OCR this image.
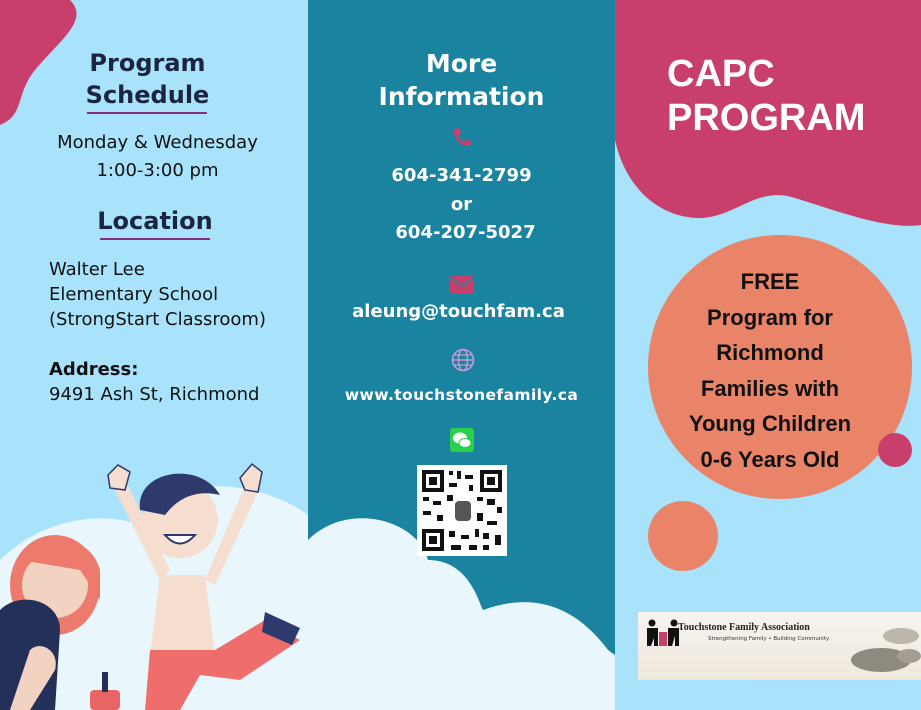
Program
Schedule
Monday & Wednesday
1:00-3:00 pm
Location
Walter Lee
Elementary School
(StrongStart Classroom)
Address:
9491 Ash St, Richmond
More
Information
604-341-2799
or
604-207-5027
aleung@touchfam.ca
www.touchstonefamily.ca
CAPC
PROGRAM
FREE
Program for
Richmond
Families with
Young Children
0-6 Years Old
Touchstone Family Association
Strengthening Family • Building Community
